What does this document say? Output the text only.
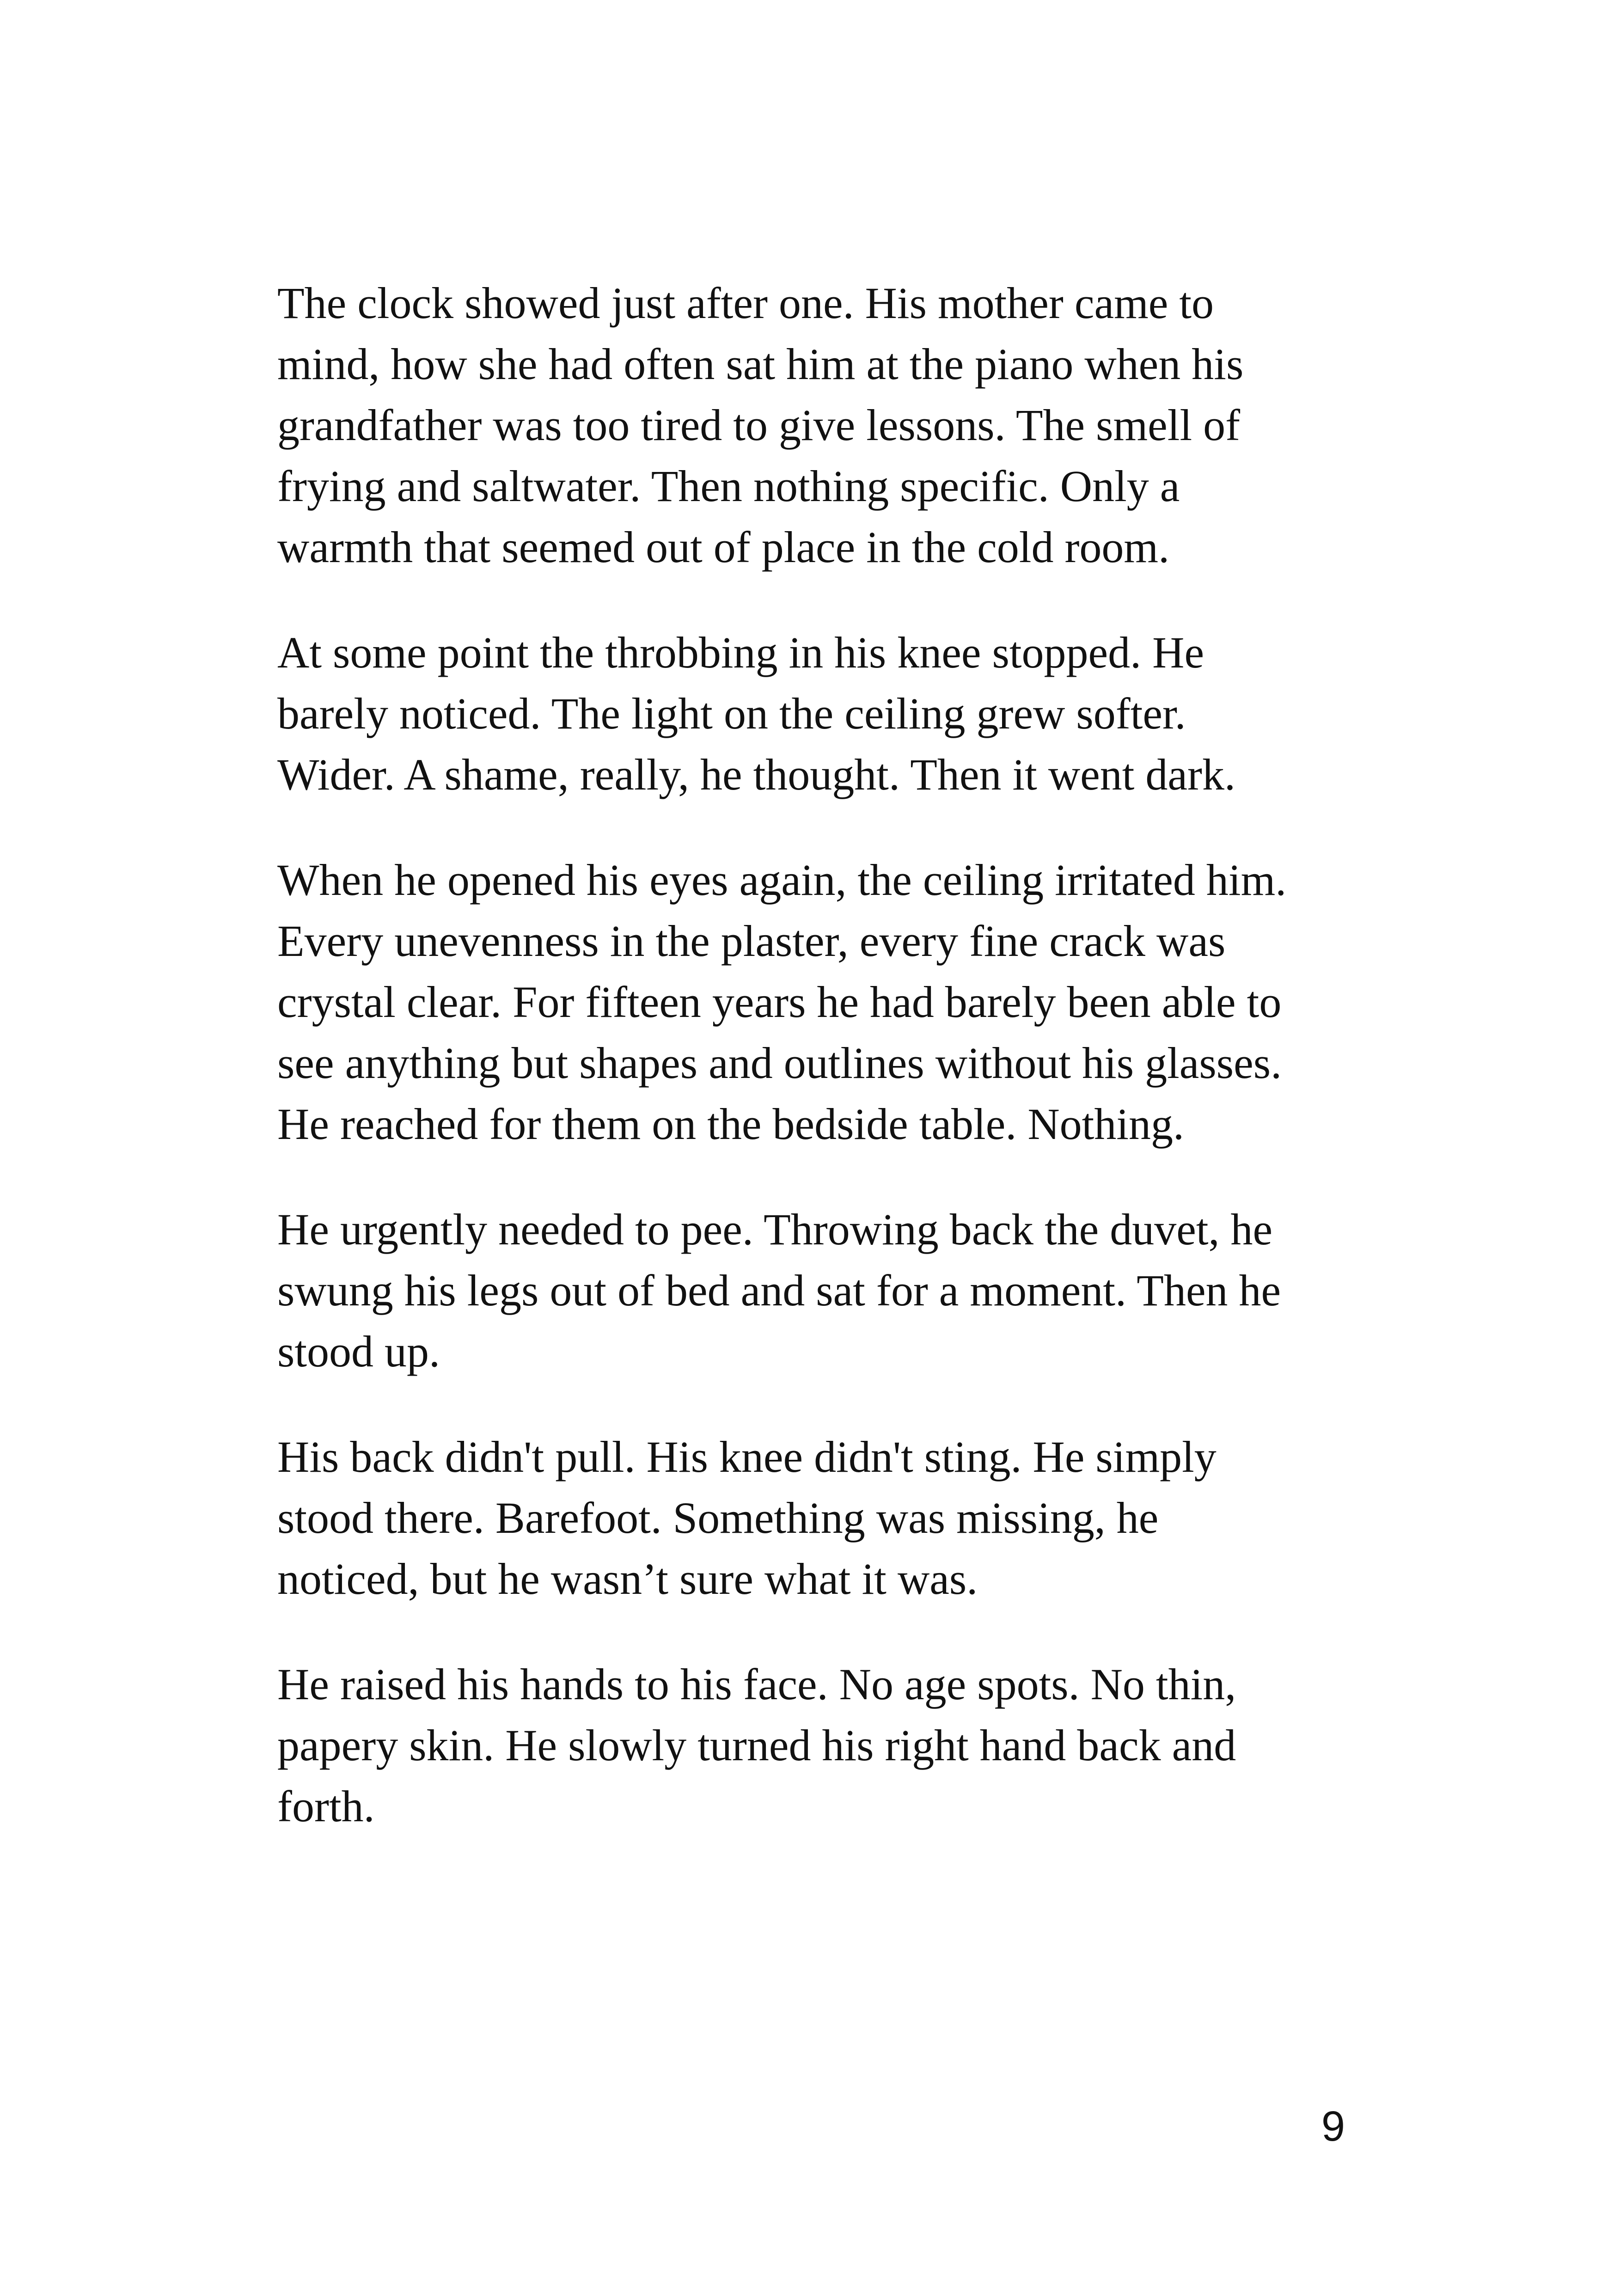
The clock showed just after one. His mother came to
mind, how she had often sat him at the piano when his
grandfather was too tired to give lessons. The smell of
frying and saltwater. Then nothing specific. Only a
warmth that seemed out of place in the cold room.

At some point the throbbing in his knee stopped. He
barely noticed. The light on the ceiling grew softer.
Wider. A shame, really, he thought. Then it went dark.

When he opened his eyes again, the ceiling irritated him.
Every unevenness in the plaster, every fine crack was
crystal clear. For fifteen years he had barely been able to
see anything but shapes and outlines without his glasses.
He reached for them on the bedside table. Nothing.

He urgently needed to pee. Throwing back the duvet, he
swung his legs out of bed and sat for a moment. Then he
stood up.

His back didn't pull. His knee didn't sting. He simply
stood there. Barefoot. Something was missing, he
noticed, but he wasn’t sure what it was.

He raised his hands to his face. No age spots. No thin,
papery skin. He slowly turned his right hand back and
forth.

9
